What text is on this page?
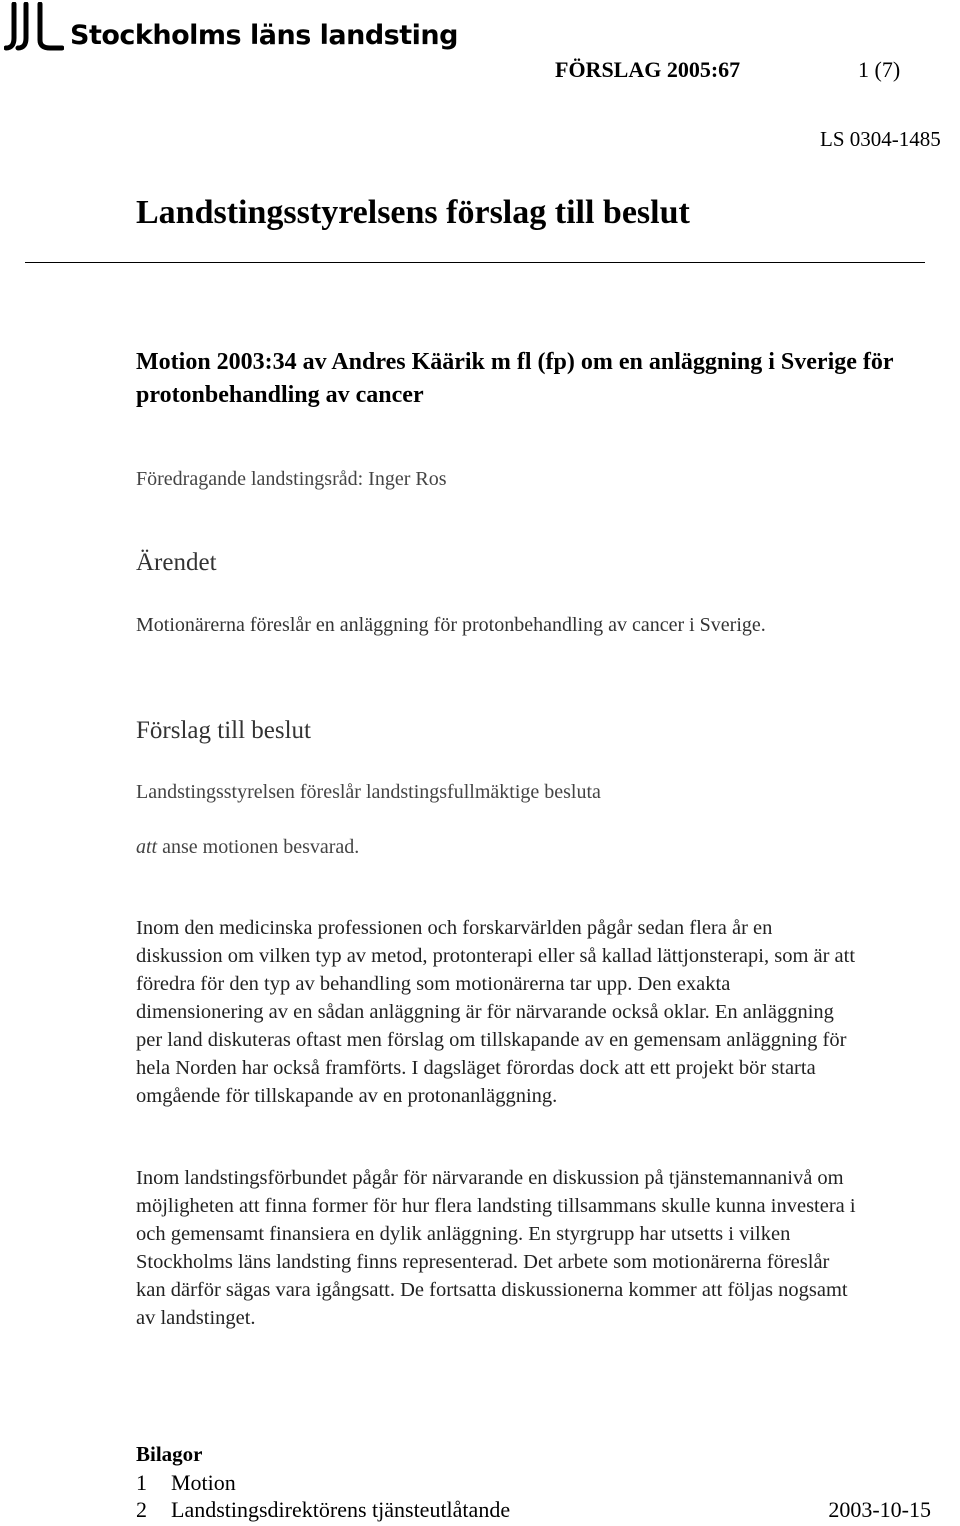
Stockholms läns landsting
FÖRSLAG 2005:67	1 (7)
LS 0304-1485
Landstingsstyrelsens förslag till beslut
Motion 2003:34 av Andres Käärik m fl (fp) om en anläggning i Sverige för protonbehandling av cancer
Föredragande landstingsråd: Inger Ros
Ärendet
Motionärerna föreslår en anläggning för protonbehandling av cancer i Sverige.
Förslag till beslut
Landstingsstyrelsen föreslår landstingsfullmäktige besluta
att anse motionen besvarad.
Inom den medicinska professionen och forskarvärlden pågår sedan flera år en diskussion om vilken typ av metod, protonterapi eller så kallad lättjonsterapi, som är att föredra för den typ av behandling som motionärerna tar upp. Den exakta dimensionering av en sådan anläggning är för närvarande också oklar. En anläggning per land diskuteras oftast men förslag om tillskapande av en gemensam anläggning för hela Norden har också framförts. I dagsläget förordas dock att ett projekt bör starta omgående för tillskapande av en protonanläggning.
Inom landstingsförbundet pågår för närvarande en diskussion på tjänstemannanivå om möjligheten att finna former för hur flera landsting tillsammans skulle kunna investera i och gemensamt finansiera en dylik anläggning. En styrgrupp har utsetts i vilken Stockholms läns landsting finns representerad. Det arbete som motionärerna föreslår kan därför sägas vara igångsatt. De fortsatta diskussionerna kommer att följas nogsamt av landstinget.
Bilagor
1 Motion
2 Landstingsdirektörens tjänsteutlåtande	2003-10-15
